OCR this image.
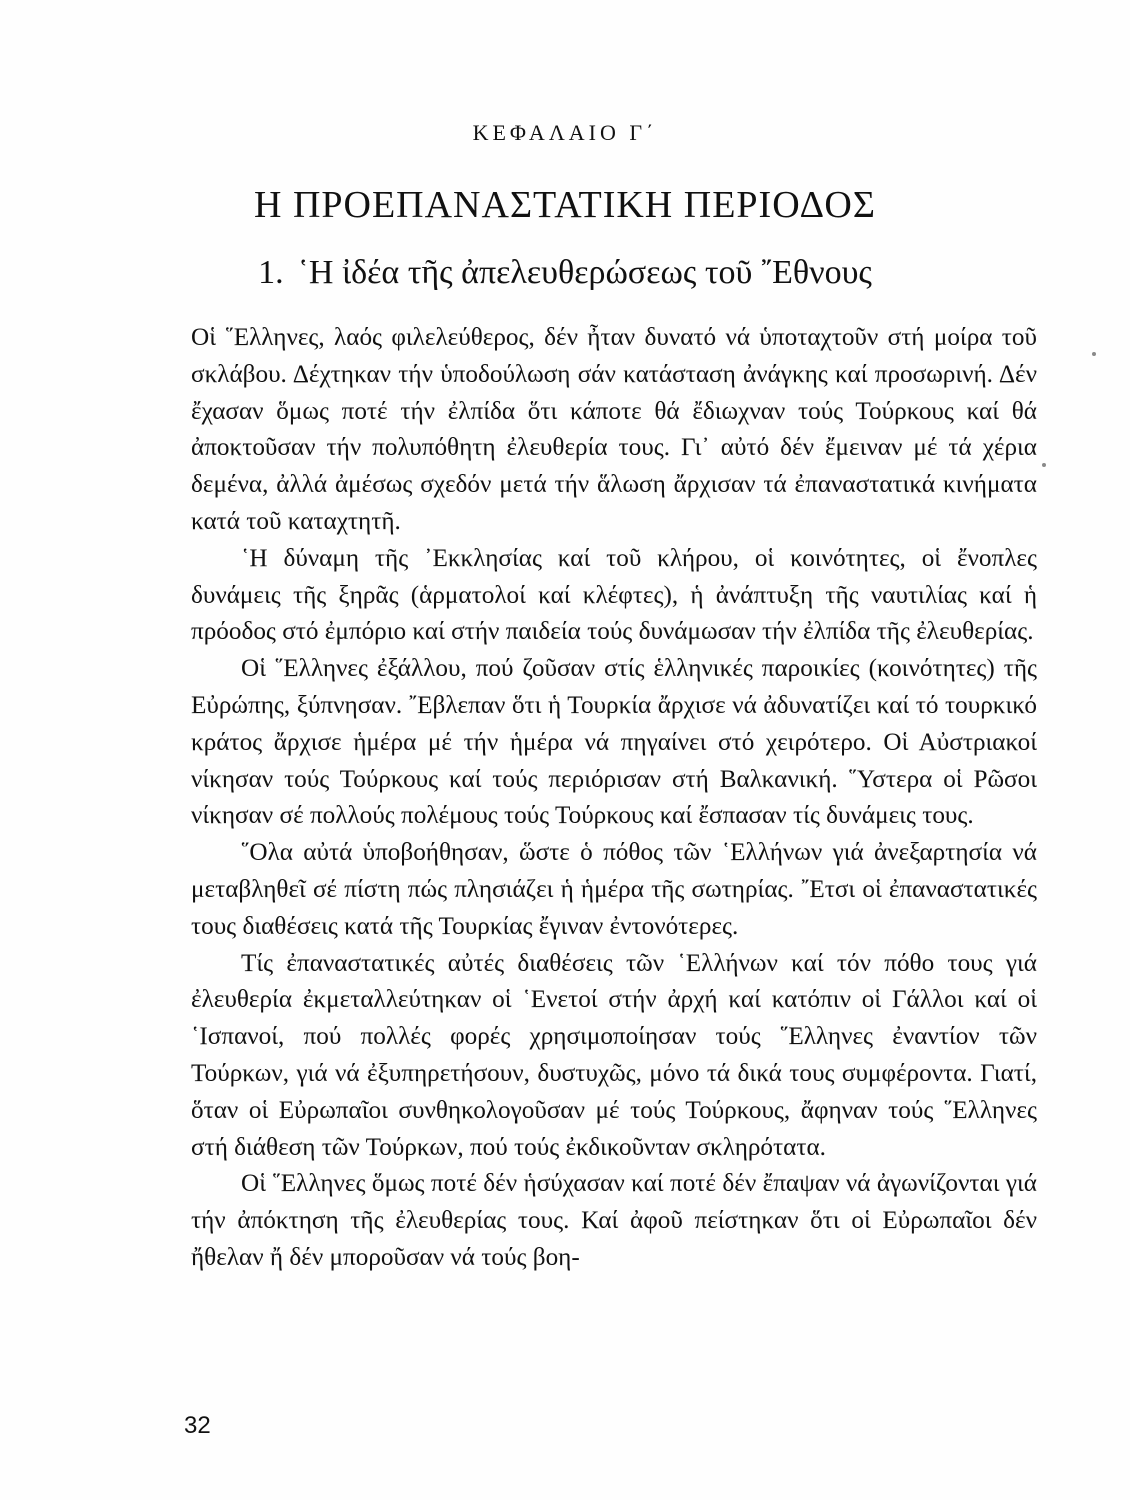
ΚΕΦΑΛΑΙΟ Γ΄
Η ΠΡΟΕΠΑΝΑΣΤΑΤΙΚΗ ΠΕΡΙΟΔΟΣ
1. ῾Η ἰδέα τῆς ἀπελευθερώσεως τοῦ ῎Εθνους

Οἱ ῞Ελληνες, λαός φιλελεύθερος, δέν ἦταν δυνατό νά ὑποταχτοῦν στή μοίρα τοῦ σκλάβου. Δέχτηκαν τήν ὑποδούλωση σάν κατάσταση ἀνάγκης καί προσωρινή. Δέν ἔχασαν ὅμως ποτέ τήν ἐλπίδα ὅτι κάποτε θά ἔδιωχναν τούς Τούρκους καί θά ἀποκτοῦσαν τήν πολυπόθητη ἐλευθερία τους. Γι᾽ αὐτό δέν ἔμειναν μέ τά χέρια δεμένα, ἀλλά ἀμέσως σχεδόν μετά τήν ἅλωση ἄρχισαν τά ἐπαναστατικά κινήματα κατά τοῦ καταχτητῆ.

῾Η δύναμη τῆς ᾽Εκκλησίας καί τοῦ κλήρου, οἱ κοινότητες, οἱ ἔνοπλες δυνάμεις τῆς ξηρᾶς (ἁρματολοί καί κλέφτες), ἡ ἀνάπτυξη τῆς ναυτιλίας καί ἡ πρόοδος στό ἐμπόριο καί στήν παιδεία τούς δυνάμωσαν τήν ἐλπίδα τῆς ἐλευθερίας.

Οἱ ῞Ελληνες ἐξάλλου, πού ζοῦσαν στίς ἑλληνικές παροικίες (κοινότητες) τῆς Εὐρώπης, ξύπνησαν. ῎Εβλεπαν ὅτι ἡ Τουρκία ἄρχισε νά ἀδυνατίζει καί τό τουρκικό κράτος ἄρχισε ἡμέρα μέ τήν ἡμέρα νά πηγαίνει στό χειρότερο. Οἱ Αὐστριακοί νίκησαν τούς Τούρκους καί τούς περιόρισαν στή Βαλκανική. ῞Υστερα οἱ Ρῶσοι νίκησαν σέ πολλούς πολέμους τούς Τούρκους καί ἔσπασαν τίς δυνάμεις τους.

῞Ολα αὐτά ὑποβοήθησαν, ὥστε ὁ πόθος τῶν ῾Ελλήνων γιά ἀνεξαρτησία νά μεταβληθεῖ σέ πίστη πώς πλησιάζει ἡ ἡμέρα τῆς σωτηρίας. ῎Ετσι οἱ ἐπαναστατικές τους διαθέσεις κατά τῆς Τουρκίας ἔγιναν ἐντονότερες.

Τίς ἐπαναστατικές αὐτές διαθέσεις τῶν ῾Ελλήνων καί τόν πόθο τους γιά ἐλευθερία ἐκμεταλλεύτηκαν οἱ ῾Ενετοί στήν ἀρχή καί κατόπιν οἱ Γάλλοι καί οἱ ῾Ισπανοί, πού πολλές φορές χρησιμοποίησαν τούς ῞Ελληνες ἐναντίον τῶν Τούρκων, γιά νά ἐξυπηρετήσουν, δυστυχῶς, μόνο τά δικά τους συμφέροντα. Γιατί, ὅταν οἱ Εὐρωπαῖοι συνθηκολογοῦσαν μέ τούς Τούρκους, ἄφηναν τούς ῞Ελληνες στή διάθεση τῶν Τούρκων, πού τούς ἐκδικοῦνταν σκληρότατα.

Οἱ ῞Ελληνες ὅμως ποτέ δέν ἡσύχασαν καί ποτέ δέν ἔπαψαν νά ἀγωνίζονται γιά τήν ἀπόκτηση τῆς ἐλευθερίας τους. Καί ἀφοῦ πείστηκαν ὅτι οἱ Εὐρωπαῖοι δέν ἤθελαν ἤ δέν μποροῦσαν νά τούς βοη-

32
